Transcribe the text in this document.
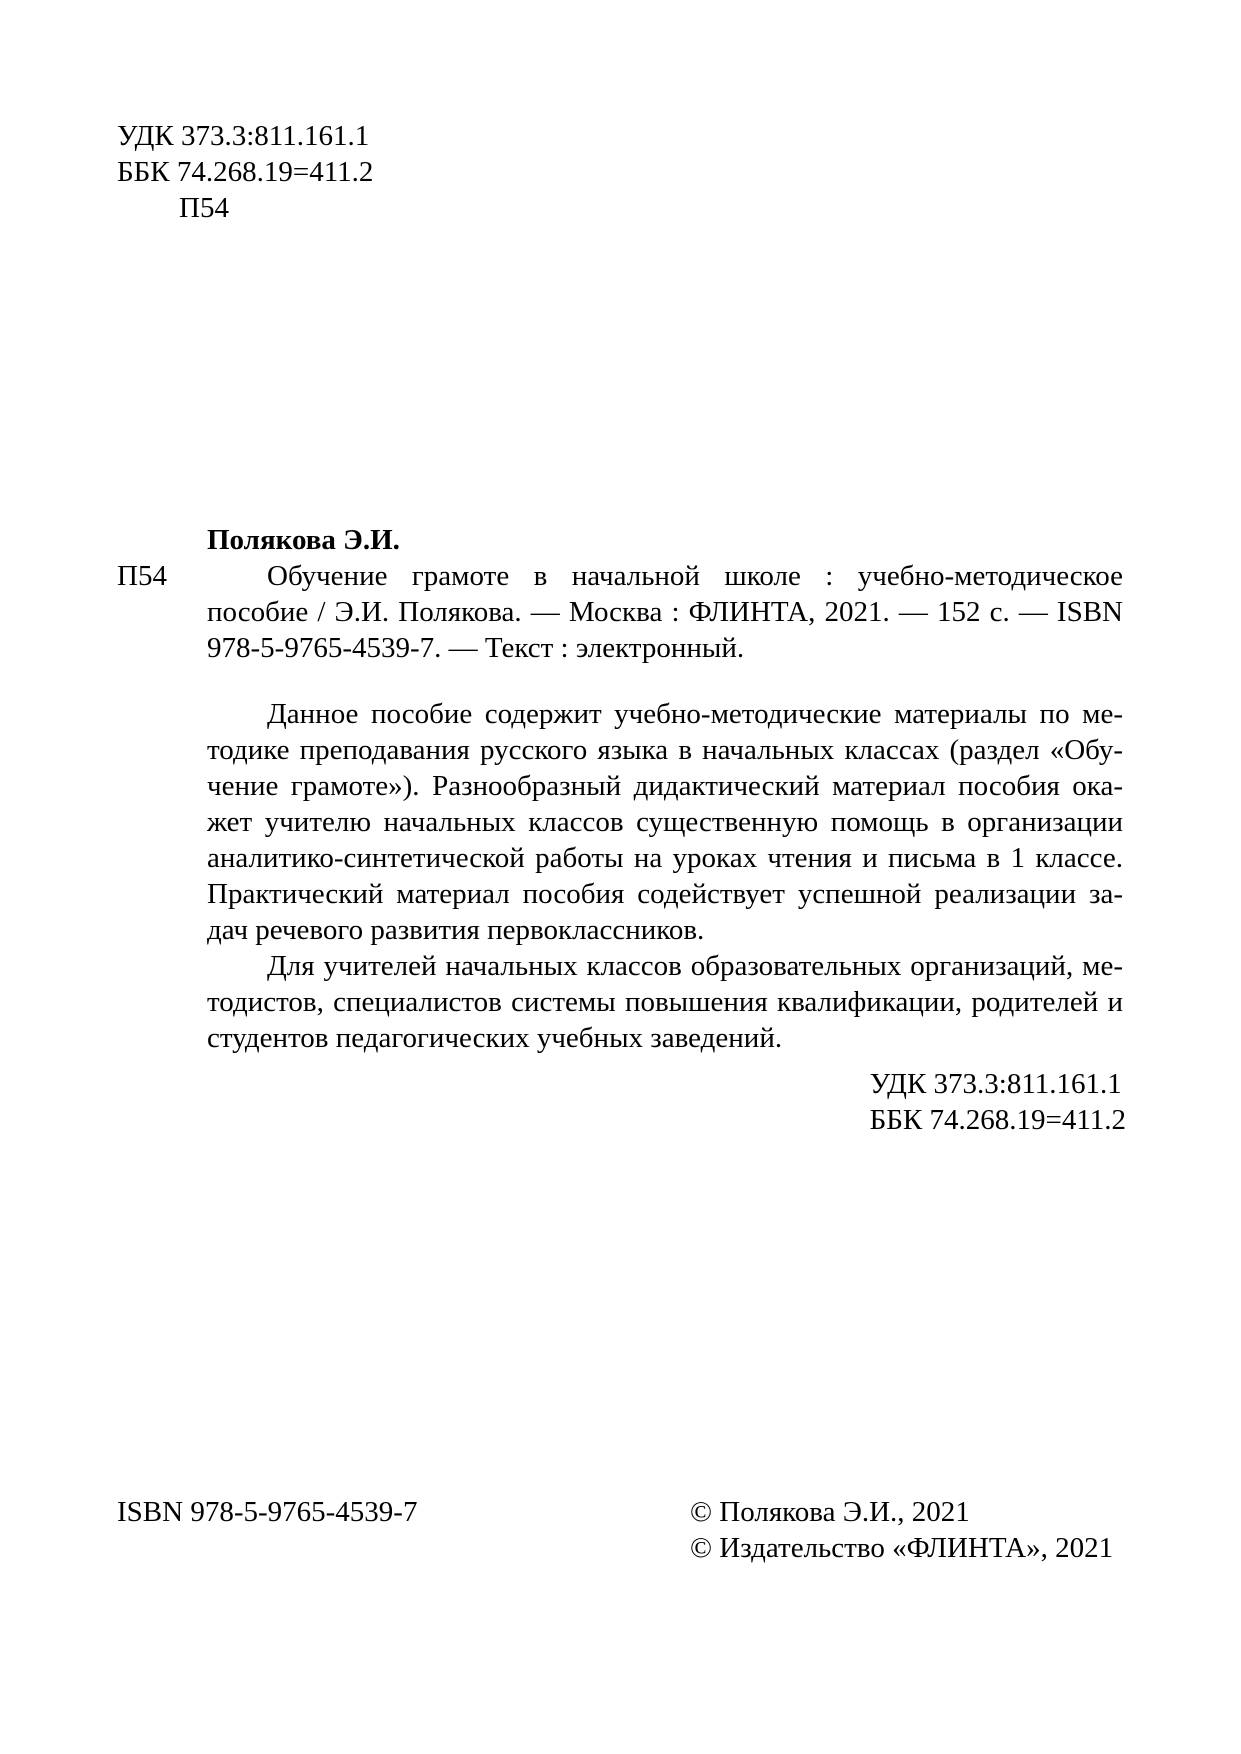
УДК 373.3:811.161.1
ББК 74.268.19=411.2
П54
Полякова Э.И.
П54	Обучение грамоте в начальной школе : учебно-методическое
пособие / Э.И. Полякова. — Москва : ФЛИНТА, 2021. — 152 с. — ISBN
978-5-9765-4539-7. — Текст : электронный.
Данное пособие содержит учебно-методические материалы по ме-
тодике преподавания русского языка в начальных классах (раздел «Обу-
чение грамоте»). Разнообразный дидактический материал пособия ока-
жет учителю начальных классов существенную помощь в организации
аналитико-синтетической работы на уроках чтения и письма в 1 классе.
Практический материал пособия содействует успешной реализации за-
дач речевого развития первоклассников.
Для учителей начальных классов образовательных организаций, ме-
тодистов, специалистов системы повышения квалификации, родителей и
студентов педагогических учебных заведений.
УДК 373.3:811.161.1
ББК 74.268.19=411.2
ISBN 978-5-9765-4539-7	© Полякова Э.И., 2021
© Издательство «ФЛИНТА», 2021
